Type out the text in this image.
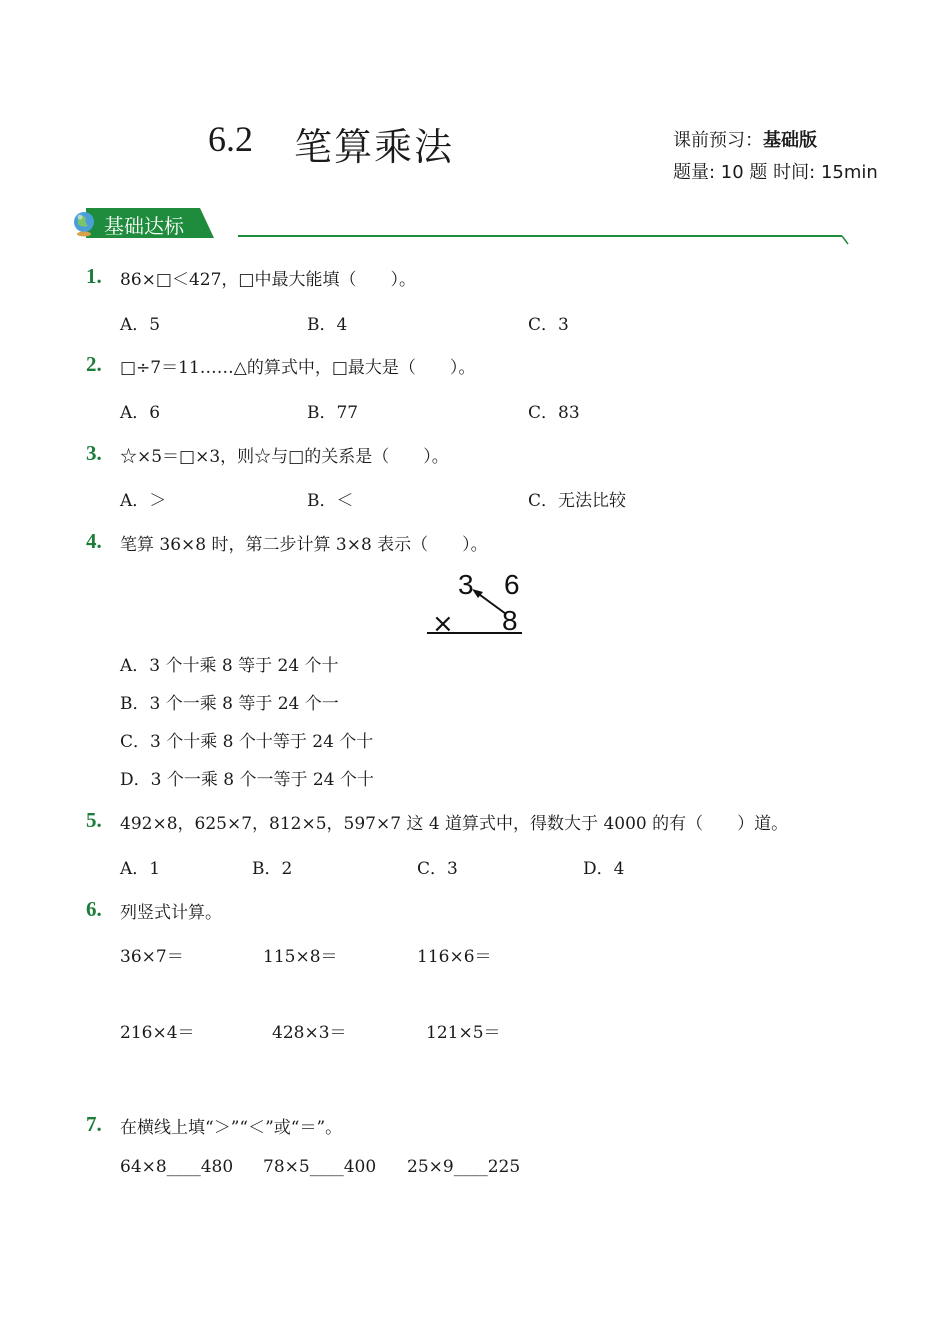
6.2 笔算乘法	课前预习：基础版
题量: 10 题 时间: 15min
基础达标
1. 86×□＜427，□中最大能填（　　）。
A．5	B．4	C．3
2. □÷7＝11……△的算式中，□最大是（　　）。
A．6	B．77	C．83
3. ☆×5＝□×3，则☆与□的关系是（　　）。
A．＞	B．＜	C．无法比较
4. 笔算 36×8 时，第二步计算 3×8 表示（　　）。
3 6
× 8
A．3 个十乘 8 等于 24 个十
B．3 个一乘 8 等于 24 个一
C．3 个十乘 8 个十等于 24 个十
D．3 个一乘 8 个一等于 24 个十
5. 492×8，625×7，812×5，597×7 这 4 道算式中，得数大于 4000 的有（　　）道。
A．1	B．2	C．3	D．4
6. 列竖式计算。
36×7＝	115×8＝	116×6＝
216×4＝	428×3＝	121×5＝
7. 在横线上填“＞”“＜”或“＝”。
64×8____480 78×5____400 25×9____225
